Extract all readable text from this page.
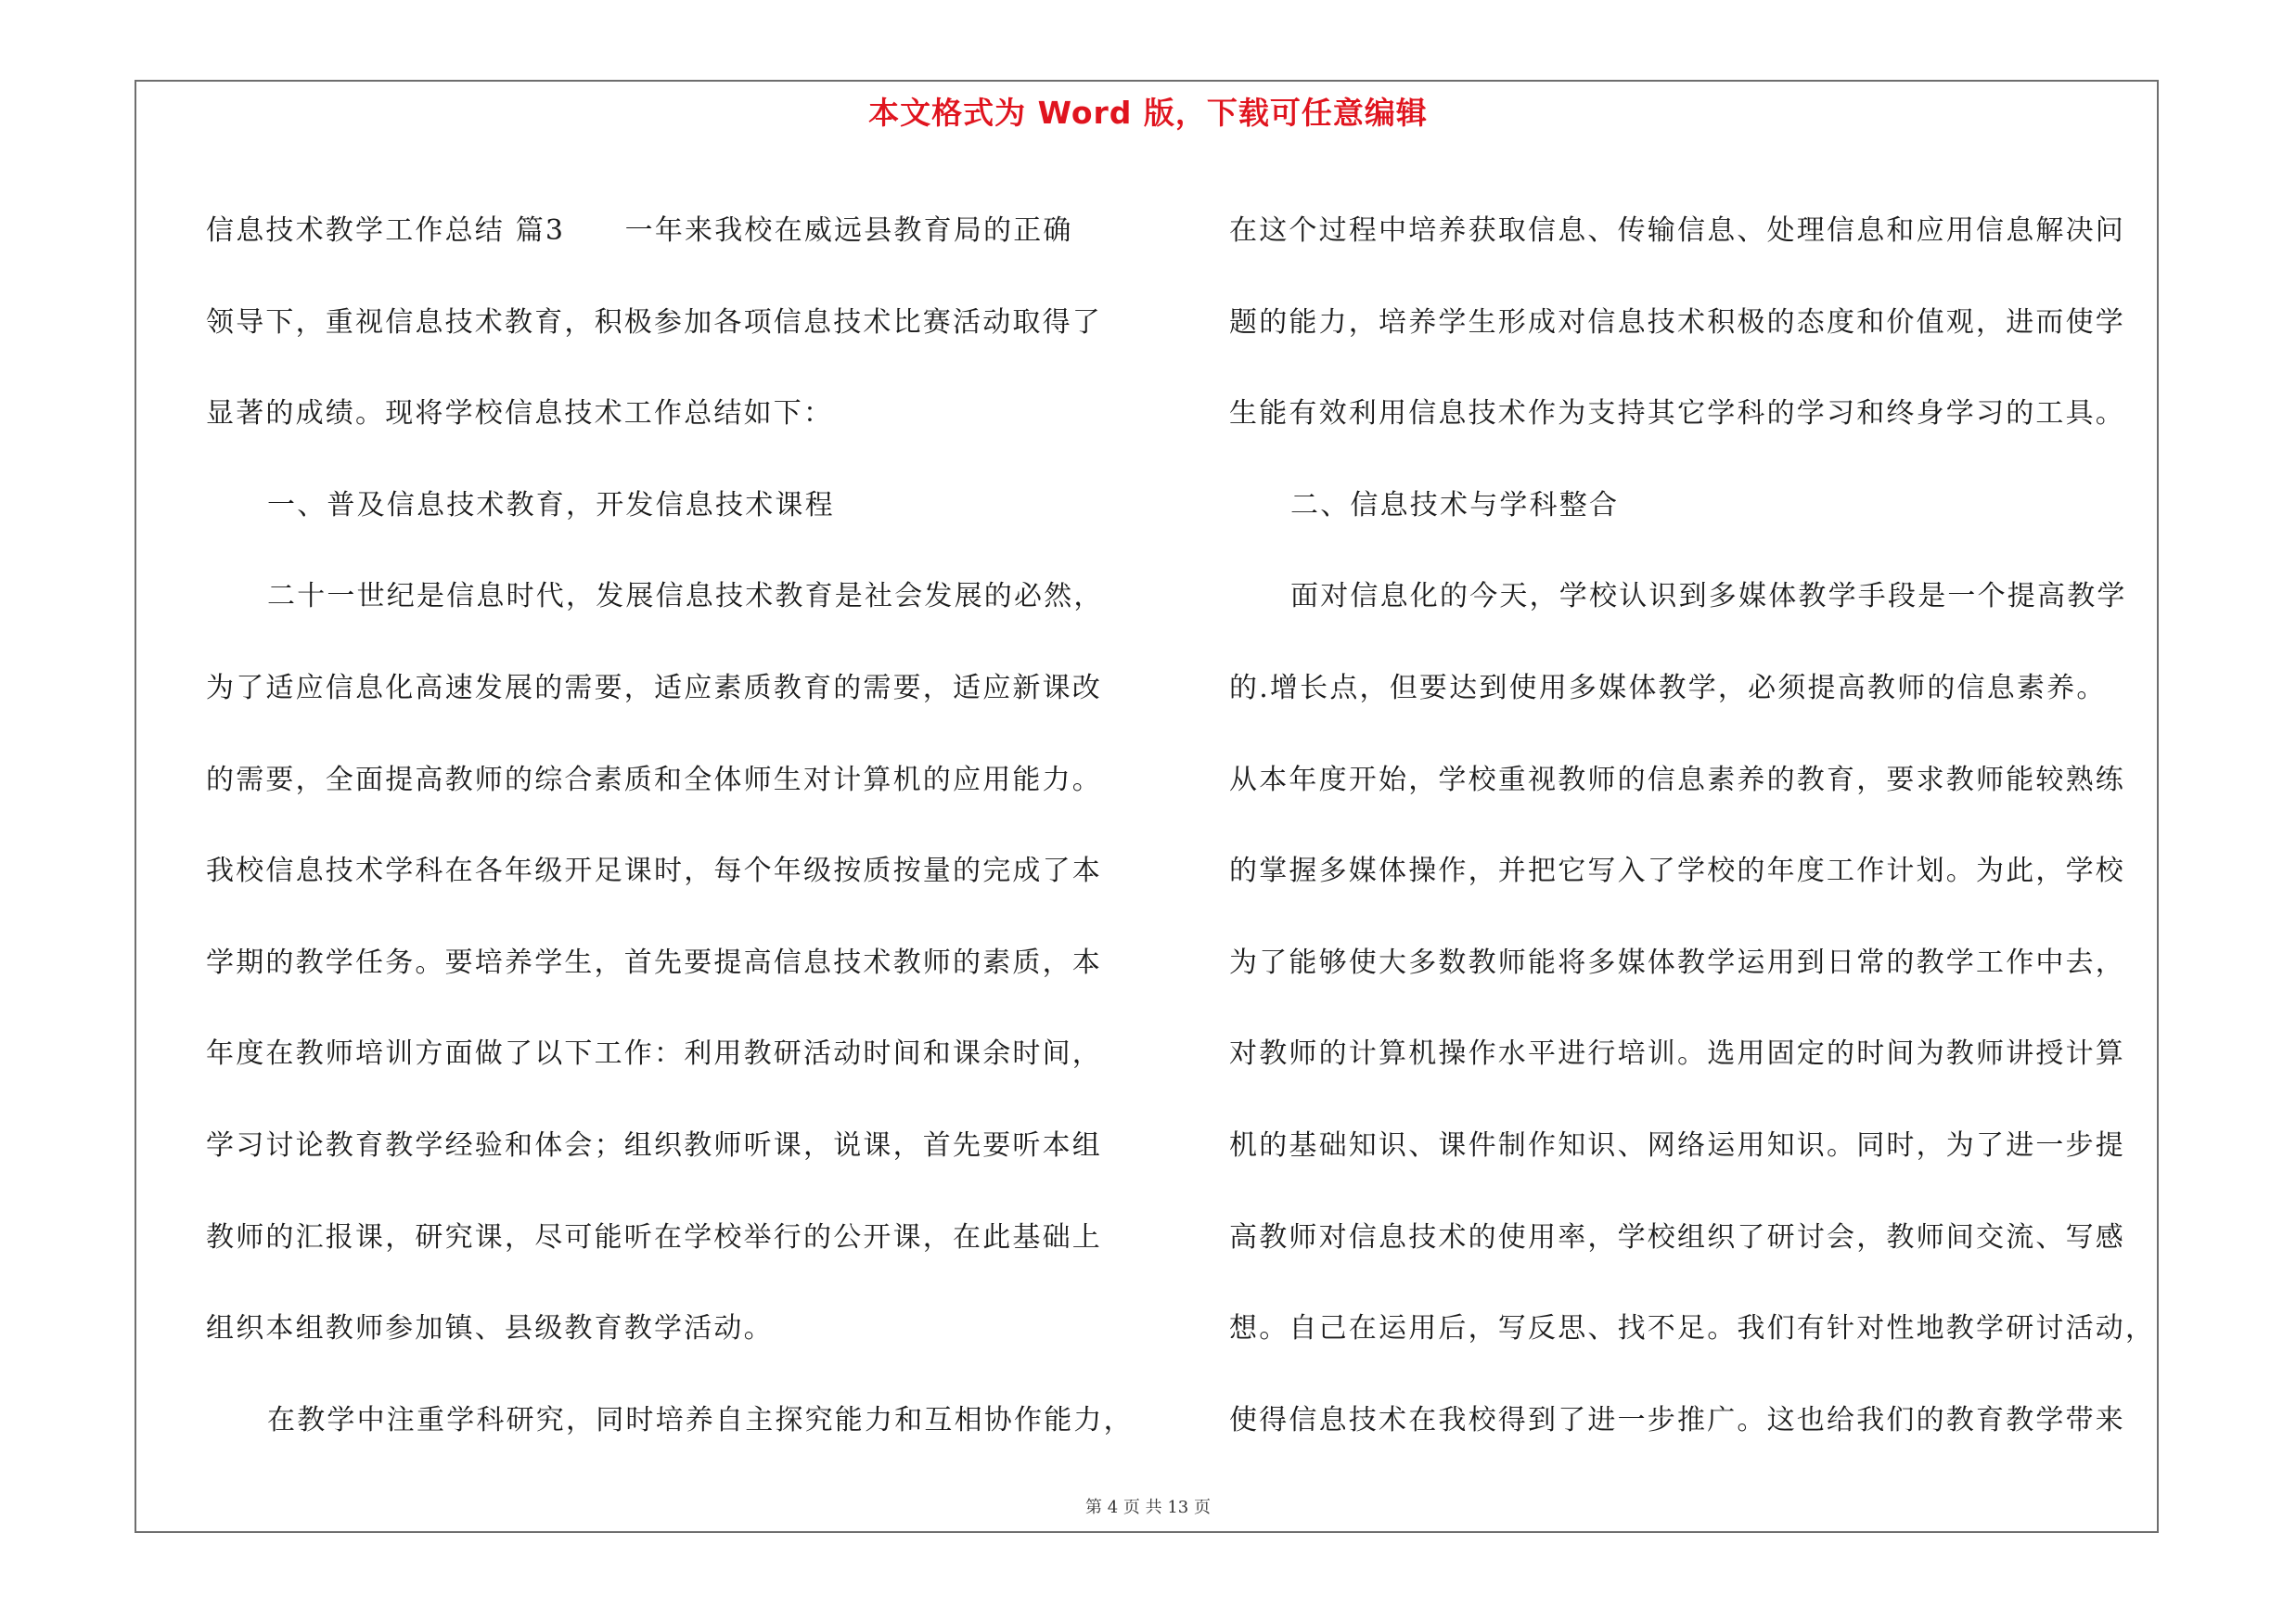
本文格式为 Word 版，下载可任意编辑
信息技术教学工作总结 篇3　　一年来我校在威远县教育局的正确
领导下，重视信息技术教育，积极参加各项信息技术比赛活动取得了
显著的成绩。现将学校信息技术工作总结如下：
一、普及信息技术教育，开发信息技术课程
二十一世纪是信息时代，发展信息技术教育是社会发展的必然，
为了适应信息化高速发展的需要，适应素质教育的需要，适应新课改
的需要，全面提高教师的综合素质和全体师生对计算机的应用能力。
我校信息技术学科在各年级开足课时，每个年级按质按量的完成了本
学期的教学任务。要培养学生，首先要提高信息技术教师的素质，本
年度在教师培训方面做了以下工作：利用教研活动时间和课余时间，
学习讨论教育教学经验和体会；组织教师听课，说课，首先要听本组
教师的汇报课，研究课，尽可能听在学校举行的公开课，在此基础上
组织本组教师参加镇、县级教育教学活动。
在教学中注重学科研究，同时培养自主探究能力和互相协作能力，
在这个过程中培养获取信息、传输信息、处理信息和应用信息解决问
题的能力，培养学生形成对信息技术积极的态度和价值观，进而使学
生能有效利用信息技术作为支持其它学科的学习和终身学习的工具。
二、信息技术与学科整合
面对信息化的今天，学校认识到多媒体教学手段是一个提高教学
的.增长点，但要达到使用多媒体教学，必须提高教师的信息素养。
从本年度开始，学校重视教师的信息素养的教育，要求教师能较熟练
的掌握多媒体操作，并把它写入了学校的年度工作计划。为此，学校
为了能够使大多数教师能将多媒体教学运用到日常的教学工作中去，
对教师的计算机操作水平进行培训。选用固定的时间为教师讲授计算
机的基础知识、课件制作知识、网络运用知识。同时，为了进一步提
高教师对信息技术的使用率，学校组织了研讨会，教师间交流、写感
想。自己在运用后，写反思、找不足。我们有针对性地教学研讨活动，
使得信息技术在我校得到了进一步推广。这也给我们的教育教学带来
第 4 页 共 13 页
